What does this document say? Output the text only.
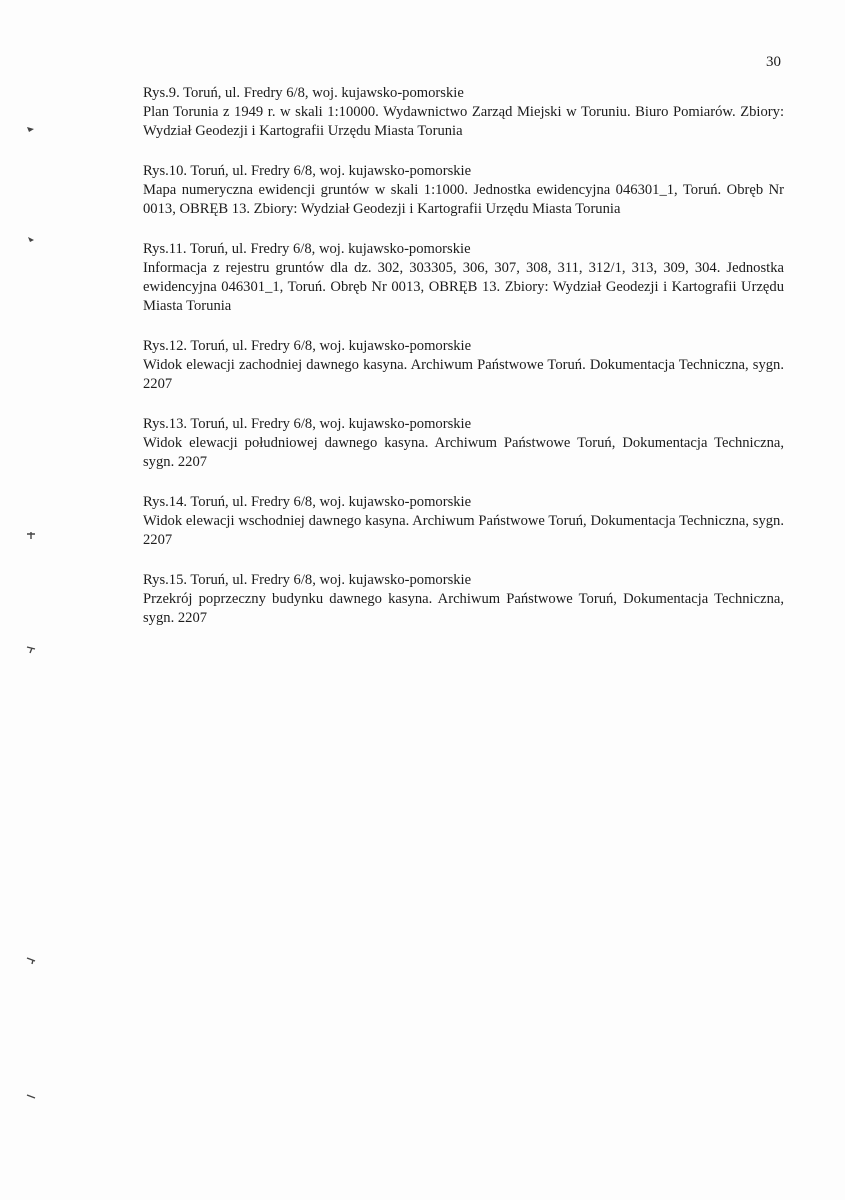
30
Rys.9. Toruń, ul. Fredry 6/8, woj. kujawsko-pomorskie
Plan Torunia z 1949 r. w skali 1:10000. Wydawnictwo Zarząd Miejski w Toruniu. Biuro Pomiarów. Zbiory: Wydział Geodezji i Kartografii Urzędu Miasta Torunia
Rys.10. Toruń, ul. Fredry 6/8, woj. kujawsko-pomorskie
Mapa numeryczna ewidencji gruntów w skali 1:1000. Jednostka ewidencyjna 046301_1, Toruń. Obręb Nr 0013, OBRĘB 13. Zbiory: Wydział Geodezji i Kartografii Urzędu Miasta Torunia
Rys.11. Toruń, ul. Fredry 6/8, woj. kujawsko-pomorskie
Informacja z rejestru gruntów dla dz. 302, 303305, 306, 307, 308, 311, 312/1, 313, 309, 304. Jednostka ewidencyjna 046301_1, Toruń. Obręb Nr 0013, OBRĘB 13. Zbiory: Wydział Geodezji i Kartografii Urzędu Miasta Torunia
Rys.12. Toruń, ul. Fredry 6/8, woj. kujawsko-pomorskie
Widok elewacji zachodniej dawnego kasyna. Archiwum Państwowe Toruń. Dokumentacja Techniczna, sygn. 2207
Rys.13. Toruń, ul. Fredry 6/8, woj. kujawsko-pomorskie
Widok elewacji południowej dawnego kasyna. Archiwum Państwowe Toruń, Dokumentacja Techniczna, sygn. 2207
Rys.14. Toruń, ul. Fredry 6/8, woj. kujawsko-pomorskie
Widok elewacji wschodniej dawnego kasyna. Archiwum Państwowe Toruń, Dokumentacja Techniczna, sygn. 2207
Rys.15. Toruń, ul. Fredry 6/8, woj. kujawsko-pomorskie
Przekrój poprzeczny budynku dawnego kasyna. Archiwum Państwowe Toruń, Dokumentacja Techniczna, sygn. 2207
